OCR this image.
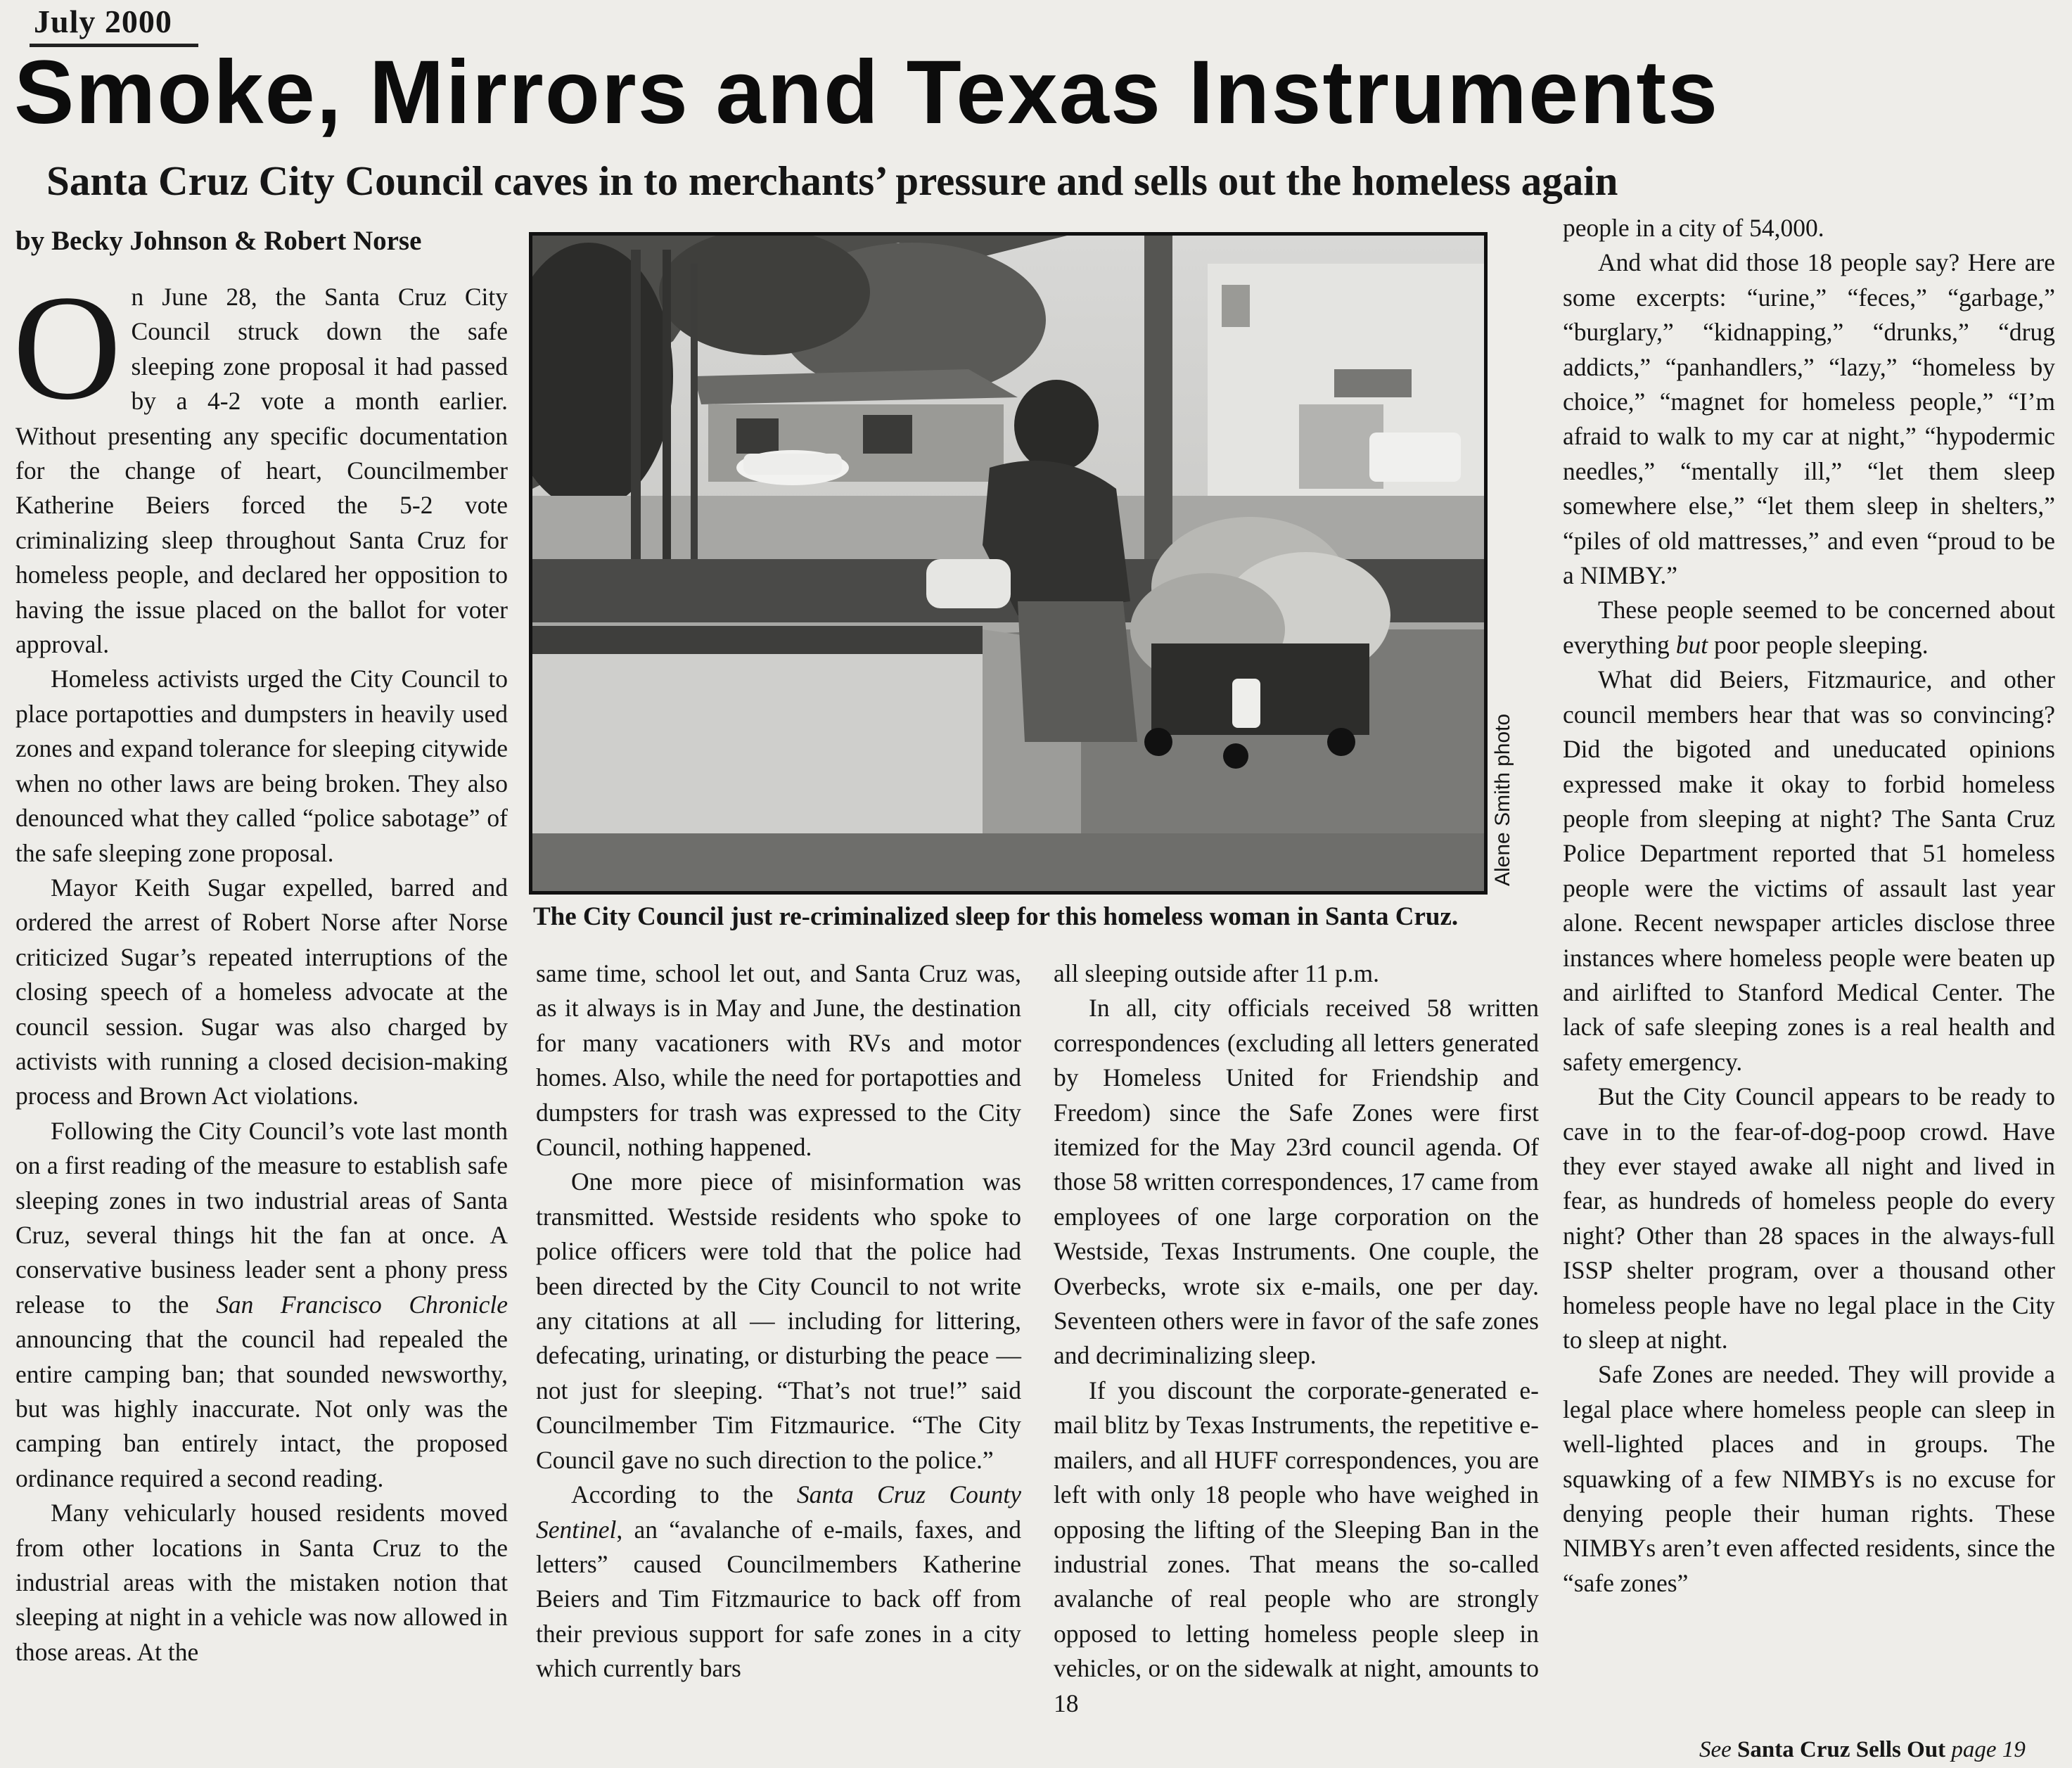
July 2000
Smoke, Mirrors and Texas Instruments
Santa Cruz City Council caves in to merchants’ pressure and sells out the homeless again
by Becky Johnson & Robert Norse

On June 28, the Santa Cruz City Council struck down the safe sleeping zone proposal it had passed by a 4-2 vote a month earlier. Without presenting any specific documentation for the change of heart, Councilmember Katherine Beiers forced the 5-2 vote criminalizing sleep throughout Santa Cruz for homeless people, and declared her opposition to having the issue placed on the ballot for voter approval.

Homeless activists urged the City Council to place portapotties and dumpsters in heavily used zones and expand tolerance for sleeping citywide when no other laws are being broken. They also denounced what they called “police sabotage” of the safe sleeping zone proposal.

Mayor Keith Sugar expelled, barred and ordered the arrest of Robert Norse after Norse criticized Sugar’s repeated interruptions of the closing speech of a homeless advocate at the council session. Sugar was also charged by activists with running a closed decision-making process and Brown Act violations.

Following the City Council’s vote last month on a first reading of the measure to establish safe sleeping zones in two industrial areas of Santa Cruz, several things hit the fan at once. A conservative business leader sent a phony press release to the San Francisco Chronicle announcing that the council had repealed the entire camping ban; that sounded newsworthy, but was highly inaccurate. Not only was the camping ban entirely intact, the proposed ordinance required a second reading.

Many vehicularly housed residents moved from other locations in Santa Cruz to the industrial areas with the mistaken notion that sleeping at night in a vehicle was now allowed in those areas. At the

Alene Smith photo
The City Council just re-criminalized sleep for this homeless woman in Santa Cruz.

same time, school let out, and Santa Cruz was, as it always is in May and June, the destination for many vacationers with RVs and motor homes. Also, while the need for portapotties and dumpsters for trash was expressed to the City Council, nothing happened.

One more piece of misinformation was transmitted. Westside residents who spoke to police officers were told that the police had been directed by the City Council to not write any citations at all — including for littering, defecating, urinating, or disturbing the peace — not just for sleeping. “That’s not true!” said Councilmember Tim Fitzmaurice. “The City Council gave no such direction to the police.”

According to the Santa Cruz County Sentinel, an “avalanche of e-mails, faxes, and letters” caused Councilmembers Katherine Beiers and Tim Fitzmaurice to back off from their previous support for safe zones in a city which currently bars

all sleeping outside after 11 p.m.

In all, city officials received 58 written correspondences (excluding all letters generated by Homeless United for Friendship and Freedom) since the Safe Zones were first itemized for the May 23rd council agenda. Of those 58 written correspondences, 17 came from employees of one large corporation on the Westside, Texas Instruments. One couple, the Overbecks, wrote six e-mails, one per day. Seventeen others were in favor of the safe zones and decriminalizing sleep.

If you discount the corporate-generated e-mail blitz by Texas Instruments, the repetitive e-mailers, and all HUFF correspondences, you are left with only 18 people who have weighed in opposing the lifting of the Sleeping Ban in the industrial zones. That means the so-called avalanche of real people who are strongly opposed to letting homeless people sleep in vehicles, or on the sidewalk at night, amounts to 18

people in a city of 54,000.

And what did those 18 people say? Here are some excerpts: “urine,” “feces,” “garbage,” “burglary,” “kidnapping,” “drunks,” “drug addicts,” “panhandlers,” “lazy,” “homeless by choice,” “magnet for homeless people,” “I’m afraid to walk to my car at night,” “hypodermic needles,” “mentally ill,” “let them sleep somewhere else,” “let them sleep in shelters,” “piles of old mattresses,” and even “proud to be a NIMBY.”

These people seemed to be concerned about everything but poor people sleeping.

What did Beiers, Fitzmaurice, and other council members hear that was so convincing? Did the bigoted and uneducated opinions expressed make it okay to forbid homeless people from sleeping at night? The Santa Cruz Police Department reported that 51 homeless people were the victims of assault last year alone. Recent newspaper articles disclose three instances where homeless people were beaten up and airlifted to Stanford Medical Center. The lack of safe sleeping zones is a real health and safety emergency.

But the City Council appears to be ready to cave in to the fear-of-dog-poop crowd. Have they ever stayed awake all night and lived in fear, as hundreds of homeless people do every night? Other than 28 spaces in the always-full ISSP shelter program, over a thousand other homeless people have no legal place in the City to sleep at night.

Safe Zones are needed. They will provide a legal place where homeless people can sleep in well-lighted places and in groups. The squawking of a few NIMBYs is no excuse for denying people their human rights. These NIMBYs aren’t even affected residents, since the “safe zones”

See Santa Cruz Sells Out page 19
